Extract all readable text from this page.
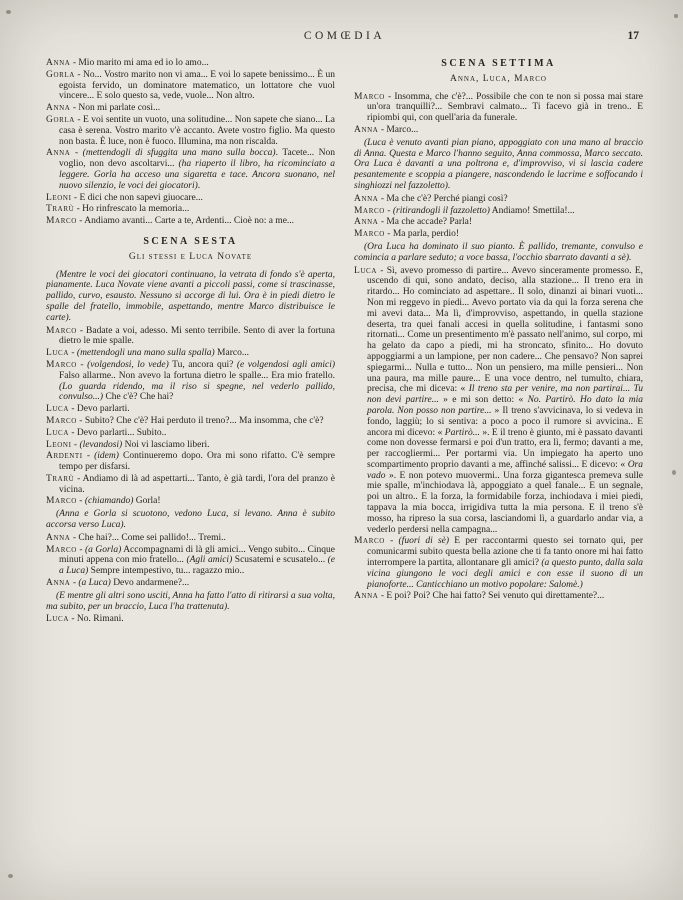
COMŒDIA	17

Anna - Mio marito mi ama ed io lo amo...

Gorla - No... Vostro marito non vi ama... E voi lo sapete benissimo... È un egoista fervido, un dominatore matematico, un lottatore che vuol vincere... E solo questo sa, vede, vuole... Non altro.

Anna - Non mi parlate così...

Gorla - E voi sentite un vuoto, una solitudine... Non sapete che siano... La casa è serena. Vostro marito v'è accanto. Avete vostro figlio. Ma questo non basta. È luce, non è fuoco. Illumina, ma non riscalda.

Anna - (mettendogli di sfuggita una mano sulla bocca). Tacete... Non voglio, non devo ascoltarvi... (ha riaperto il libro, ha ricominciato a leggere. Gorla ha acceso una sigaretta e tace. Ancora suonano, nel nuovo silenzio, le voci dei giocatori).

Leoni - E dici che non sapevi giuocare...

Trarù - Ho rinfrescato la memoria...

Marco - Andiamo avanti... Carte a te, Ardenti... Cioè no: a me...

SCENA SESTA

Gli stessi e Luca Novate

(Mentre le voci dei giocatori continuano, la vetrata di fondo s'è aperta, pianamente. Luca Novate viene avanti a piccoli passi, come si trascinasse, pallido, curvo, esausto. Nessuno si accorge di lui. Ora è in piedi dietro le spalle del fratello, immobile, aspettando, mentre Marco distribuisce le carte).

Marco - Badate a voi, adesso. Mi sento terribile. Sento di aver la fortuna dietro le mie spalle.

Luca - (mettendogli una mano sulla spalla) Marco...

Marco - (volgendosi, lo vede) Tu, ancora qui? (e volgendosi agli amici) Falso allarme.. Non avevo la fortuna dietro le spalle... Era mio fratello. (Lo guarda ridendo, ma il riso si spegne, nel vederlo pallido, convulso...) Che c'è? Che hai?

Luca - Devo parlarti.

Marco - Subito? Che c'è? Hai perduto il treno?... Ma insomma, che c'è?

Luca - Devo parlarti... Subito..

Leoni - (levandosi) Noi vi lasciamo liberi.

Ardenti - (idem) Continueremo dopo. Ora mi sono rifatto. C'è sempre tempo per disfarsi.

Trarù - Andiamo di là ad aspettarti... Tanto, è già tardi, l'ora del pranzo è vicina.

Marco - (chiamando) Gorla!

(Anna e Gorla si scuotono, vedono Luca, si levano. Anna è subito accorsa verso Luca).

Anna - Che hai?... Come sei pallido!... Tremi..

Marco - (a Gorla) Accompagnami di là gli amici... Vengo subito... Cinque minuti appena con mio fratello... (Agli amici) Scusatemi e scusatelo... (e a Luca) Sempre intempestivo, tu... ragazzo mio..

Anna - (a Luca) Devo andarmene?...

(E mentre gli altri sono usciti, Anna ha fatto l'atto di ritirarsi a sua volta, ma subito, per un braccio, Luca l'ha trattenuta).

Luca - No. Rimani.

SCENA SETTIMA

Anna, Luca, Marco

Marco - Insomma, che c'è?... Possibile che con te non si possa mai stare un'ora tranquilli?... Sembravi calmato... Ti facevo già in treno.. E ripiombi qui, con quell'aria da funerale.

Anna - Marco...

(Luca è venuto avanti pian piano, appoggiato con una mano al braccio di Anna. Questa e Marco l'hanno seguito, Anna commossa, Marco seccato. Ora Luca è davanti a una poltrona e, d'improvviso, vi si lascia cadere pesantemente e scoppia a piangere, nascondendo le lacrime e soffocando i singhiozzi nel fazzoletto).

Anna - Ma che c'è? Perché piangi così?

Marco - (ritirandogli il fazzoletto) Andiamo! Smettila!...

Anna - Ma che accade? Parla!

Marco - Ma parla, perdio!

(Ora Luca ha dominato il suo pianto. È pallido, tremante, convulso e comincia a parlare seduto; a voce bassa, l'occhio sbarrato davanti a sè).

Luca - Sì, avevo promesso di partire... Avevo sinceramente promesso. E, uscendo di qui, sono andato, deciso, alla stazione... Il treno era in ritardo... Ho cominciato ad aspettare.. Il solo, dinanzi ai binari vuoti... Non mi reggevo in piedi... Avevo portato via da qui la forza serena che mi avevi data... Ma lì, d'improvviso, aspettando, in quella stazione deserta, tra quei fanali accesi in quella solitudine, i fantasmi sono ritornati... Come un presentimento m'è passato nell'animo, sul corpo, mi ha gelato da capo a piedi, mi ha stroncato, sfinito... Ho dovuto appoggiarmi a un lampione, per non cadere... Che pensavo? Non saprei spiegarmi... Nulla e tutto... Non un pensiero, ma mille pensieri... Non una paura, ma mille paure... E una voce dentro, nel tumulto, chiara, precisa, che mi diceva: « Il treno sta per venire, ma non partirai... Tu non devi partire... » e mi son detto: « No. Partirò. Ho dato la mia parola. Non posso non partire... » Il treno s'avvicinava, lo si vedeva in fondo, laggiù; lo si sentiva: a poco a poco il rumore si avvicina.. E ancora mi dicevo: « Partirò... ». E il treno è giunto, mi è passato davanti come non dovesse fermarsi e poi d'un tratto, era lì, fermo; davanti a me, per raccogliermi... Per portarmi via. Un impiegato ha aperto uno scompartimento proprio davanti a me, affinché salissi... E dicevo: « Ora vado ». E non potevo muovermi.. Una forza gigantesca premeva sulle mie spalle, m'inchiodava là, appoggiato a quel fanale... E un segnale, poi un altro.. E la forza, la formidabile forza, inchiodava i miei piedi, tappava la mia bocca, irrigidiva tutta la mia persona. E il treno s'è mosso, ha ripreso la sua corsa, lasciandomi lì, a guardarlo andar via, a vederlo perdersi nella campagna...

Marco - (fuori di sè) E per raccontarmi questo sei tornato qui, per comunicarmi subito questa bella azione che ti fa tanto onore mi hai fatto interrompere la partita, allontanare gli amici? (a questo punto, dalla sala vicina giungono le voci degli amici e con esse il suono di un pianoforte... Canticchiano un motivo popolare: Salomè.)

Anna - E poi? Poi? Che hai fatto? Sei venuto qui direttamente?...
